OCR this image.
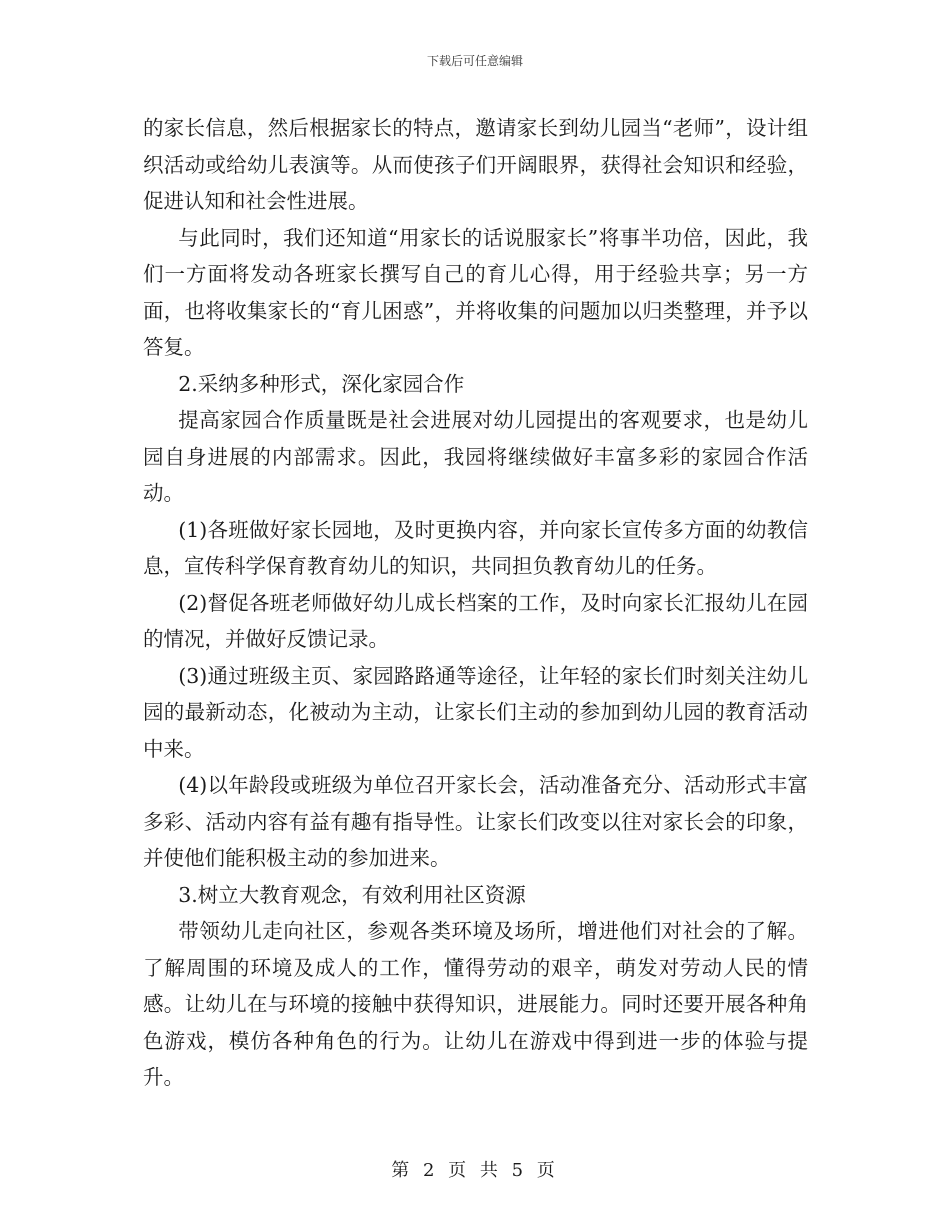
下载后可任意编辑

的家长信息，然后根据家长的特点，邀请家长到幼儿园当“老师”，设计组织活动或给幼儿表演等。从而使孩子们开阔眼界，获得社会知识和经验，促进认知和社会性进展。

与此同时，我们还知道“用家长的话说服家长”将事半功倍，因此，我们一方面将发动各班家长撰写自己的育儿心得，用于经验共享；另一方面，也将收集家长的“育儿困惑”，并将收集的问题加以归类整理，并予以答复。

2.采纳多种形式，深化家园合作

提高家园合作质量既是社会进展对幼儿园提出的客观要求，也是幼儿园自身进展的内部需求。因此，我园将继续做好丰富多彩的家园合作活动。

(1)各班做好家长园地，及时更换内容，并向家长宣传多方面的幼教信息，宣传科学保育教育幼儿的知识，共同担负教育幼儿的任务。

(2)督促各班老师做好幼儿成长档案的工作，及时向家长汇报幼儿在园的情况，并做好反馈记录。

(3)通过班级主页、家园路路通等途径，让年轻的家长们时刻关注幼儿园的最新动态，化被动为主动，让家长们主动的参加到幼儿园的教育活动中来。

(4)以年龄段或班级为单位召开家长会，活动准备充分、活动形式丰富多彩、活动内容有益有趣有指导性。让家长们改变以往对家长会的印象，并使他们能积极主动的参加进来。

3.树立大教育观念，有效利用社区资源

带领幼儿走向社区，参观各类环境及场所，增进他们对社会的了解。了解周围的环境及成人的工作，懂得劳动的艰辛，萌发对劳动人民的情感。让幼儿在与环境的接触中获得知识，进展能力。同时还要开展各种角色游戏，模仿各种角色的行为。让幼儿在游戏中得到进一步的体验与提升。

第 2 页 共 5 页
